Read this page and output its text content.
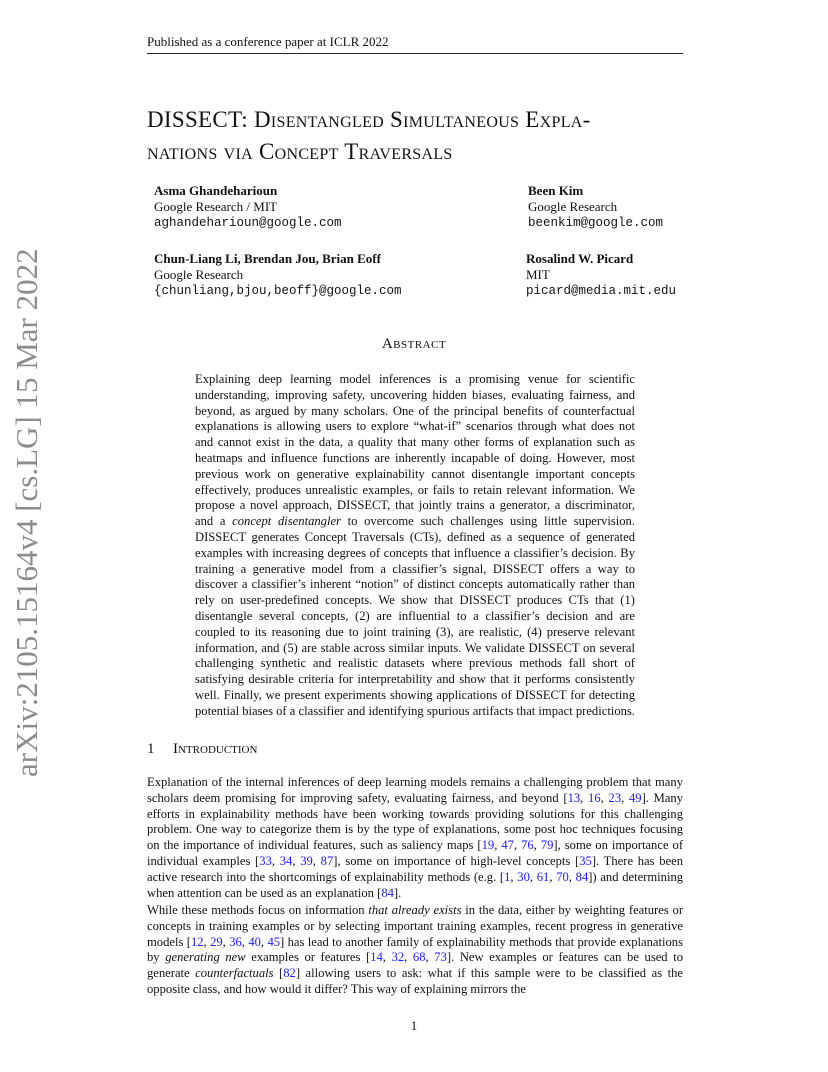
Published as a conference paper at ICLR 2022
arXiv:2105.15164v4 [cs.LG] 15 Mar 2022
DISSECT: Disentangled Simultaneous Expla-
nations via Concept Traversals
Asma Ghandeharioun
Google Research / MIT
aghandeharioun@google.com
Been Kim
Google Research
beenkim@google.com
Chun-Liang Li, Brendan Jou, Brian Eoff
Google Research
{chunliang,bjou,beoff}@google.com
Rosalind W. Picard
MIT
picard@media.mit.edu
Abstract
Explaining deep learning model inferences is a promising venue for scientific understanding, improving safety, uncovering hidden biases, evaluating fairness, and beyond, as argued by many scholars. One of the principal benefits of counterfactual explanations is allowing users to explore “what-if” scenarios through what does not and cannot exist in the data, a quality that many other forms of explanation such as heatmaps and influence functions are inherently incapable of doing. However, most previous work on generative explainability cannot disentangle important concepts effectively, produces unrealistic examples, or fails to retain relevant information. We propose a novel approach, DISSECT, that jointly trains a generator, a discriminator, and a concept disentangler to overcome such challenges using little supervision. DISSECT generates Concept Traversals (CTs), defined as a sequence of generated examples with increasing degrees of concepts that influence a classifier’s decision. By training a generative model from a classifier’s signal, DISSECT offers a way to discover a classifier’s inherent “notion” of distinct concepts automatically rather than rely on user-predefined concepts. We show that DISSECT produces CTs that (1) disentangle several concepts, (2) are influential to a classifier’s decision and are coupled to its reasoning due to joint training (3), are realistic, (4) preserve relevant information, and (5) are stable across similar inputs. We validate DISSECT on several challenging synthetic and realistic datasets where previous methods fall short of satisfying desirable criteria for interpretability and show that it performs consistently well. Finally, we present experiments showing applications of DISSECT for detecting potential biases of a classifier and identifying spurious artifacts that impact predictions.
1 Introduction
Explanation of the internal inferences of deep learning models remains a challenging problem that many scholars deem promising for improving safety, evaluating fairness, and beyond [13, 16, 23, 49]. Many efforts in explainability methods have been working towards providing solutions for this challenging problem. One way to categorize them is by the type of explanations, some post hoc techniques focusing on the importance of individual features, such as saliency maps [19, 47, 76, 79], some on importance of individual examples [33, 34, 39, 87], some on importance of high-level concepts [35]. There has been active research into the shortcomings of explainability methods (e.g. [1, 30, 61, 70, 84]) and determining when attention can be used as an explanation [84].
While these methods focus on information that already exists in the data, either by weighting features or concepts in training examples or by selecting important training examples, recent progress in generative models [12, 29, 36, 40, 45] has lead to another family of explainability methods that provide explanations by generating new examples or features [14, 32, 68, 73]. New examples or features can be used to generate counterfactuals [82] allowing users to ask: what if this sample were to be classified as the opposite class, and how would it differ? This way of explaining mirrors the
1
